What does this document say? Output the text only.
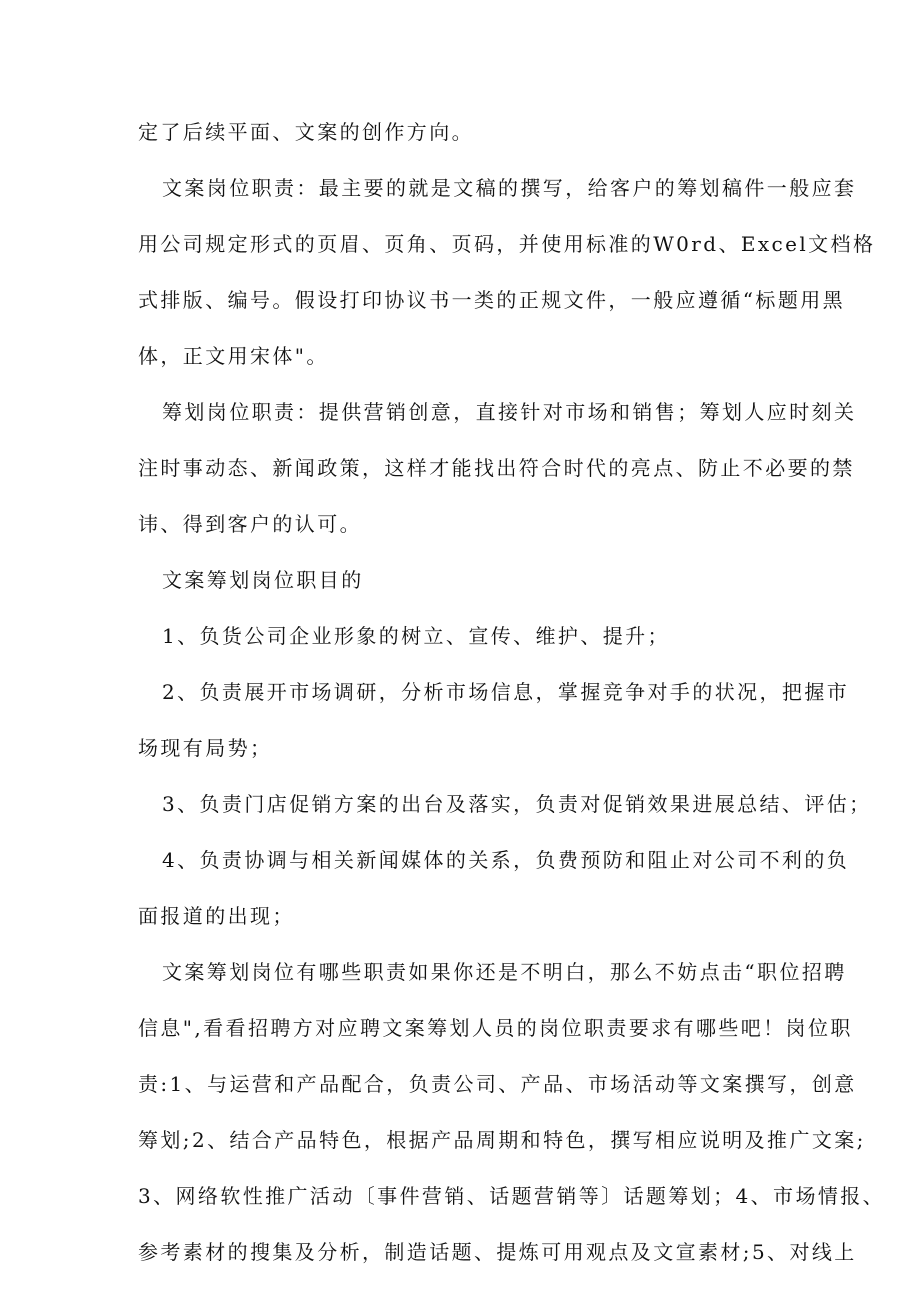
定了后续平面、文案的创作方向。
文案岗位职责：最主要的就是文稿的撰写，给客户的筹划稿件一般应套
用公司规定形式的页眉、页角、页码，并使用标准的W0rd、Excel文档格
式排版、编号。假设打印协议书一类的正规文件，一般应遵循“标题用黑
体，正文用宋体"。
筹划岗位职责：提供营销创意，直接针对市场和销售；筹划人应时刻关
注时事动态、新闻政策，这样才能找出符合时代的亮点、防止不必要的禁
讳、得到客户的认可。
文案筹划岗位职目的
1、负货公司企业形象的树立、宣传、维护、提升；
2、负责展开市场调研，分析市场信息，掌握竞争对手的状况，把握市
场现有局势；
3、负责门店促销方案的出台及落实，负责对促销效果进展总结、评估；
4、负责协调与相关新闻媒体的关系，负费预防和阻止对公司不利的负
面报道的出现；
文案筹划岗位有哪些职责如果你还是不明白，那么不妨点击“职位招聘
信息",看看招聘方对应聘文案筹划人员的岗位职责要求有哪些吧！岗位职
责:1、与运营和产品配合，负责公司、产品、市场活动等文案撰写，创意
筹划;2、结合产品特色，根据产品周期和特色，撰写相应说明及推广文案;
3、网络软性推广活动〔事件营销、话题营销等〕话题筹划；4、市场情报、
参考素材的搜集及分析，制造话题、提炼可用观点及文宣素材;5、对线上
